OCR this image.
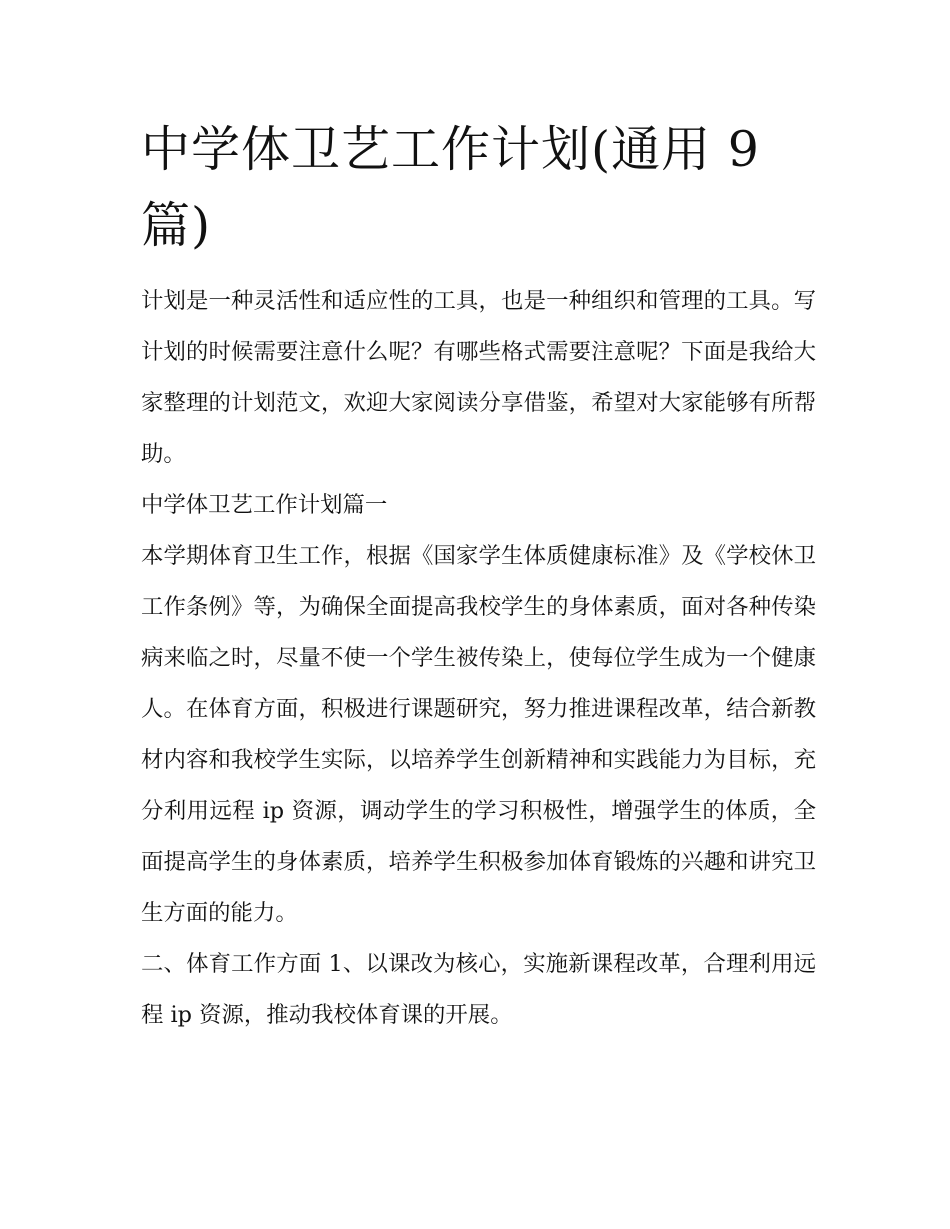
中学体卫艺工作计划(通用 9 篇)

计划是一种灵活性和适应性的工具，也是一种组织和管理的工具。写计划的时候需要注意什么呢？有哪些格式需要注意呢？下面是我给大家整理的计划范文，欢迎大家阅读分享借鉴，希望对大家能够有所帮助。

中学体卫艺工作计划篇一

本学期体育卫生工作，根据《国家学生体质健康标准》及《学校休卫工作条例》等，为确保全面提高我校学生的身体素质，面对各种传染病来临之时，尽量不使一个学生被传染上，使每位学生成为一个健康人。在体育方面，积极进行课题研究，努力推进课程改革，结合新教材内容和我校学生实际，以培养学生创新精神和实践能力为目标，充分利用远程 ip 资源，调动学生的学习积极性，增强学生的体质，全面提高学生的身体素质，培养学生积极参加体育锻炼的兴趣和讲究卫生方面的能力。

二、体育工作方面 1、以课改为核心，实施新课程改革，合理利用远程 ip 资源，推动我校体育课的开展。
